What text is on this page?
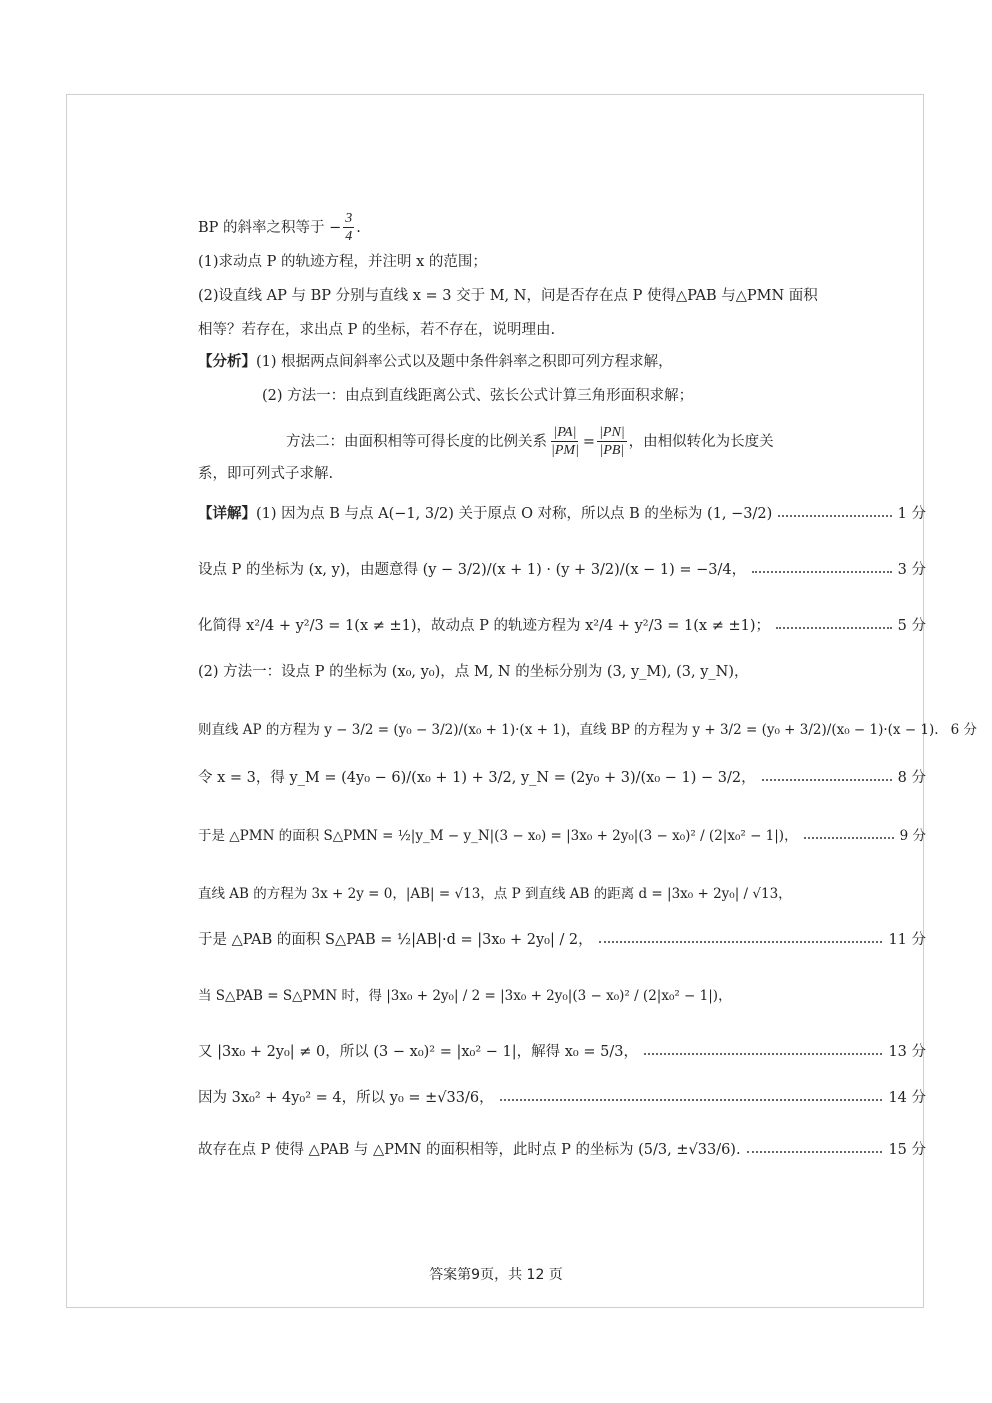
BP 的斜率之积等于 − $\frac{3}{4}$ .
(1)求动点 P 的轨迹方程，并注明 x 的范围；
(2)设直线 AP 与 BP 分别与直线 x = 3 交于 M, N，问是否存在点 P 使得△PAB 与△PMN 面积
相等？若存在，求出点 P 的坐标，若不存在，说明理由.
【分析】 (1) 根据两点间斜率公式以及题中条件斜率之积即可列方程求解，
(2) 方法一：由点到直线距离公式、弦长公式计算三角形面积求解；
方法二：由面积相等可得长度的比例关系 $\frac{|PA|}{|PM|} = \frac{|PN|}{|PB|}$ ，由相似转化为长度关
系，即可列式子求解.
【详解】 (1) 因为点 B 与点 A(−1, 3/2) 关于原点 O 对称，所以点 B 的坐标为 (1, −3/2)	1 分
设点 P 的坐标为 (x, y)，由题意得 (y − 3/2)/(x + 1) · (y + 3/2)/(x − 1) = −3/4，	3 分
化简得 x²/4 + y²/3 = 1(x ≠ ±1)，故动点 P 的轨迹方程为 x²/4 + y²/3 = 1(x ≠ ±1)；	5 分
(2) 方法一：设点 P 的坐标为 (x₀, y₀)，点 M, N 的坐标分别为 (3, y_M), (3, y_N)，
则直线 AP 的方程为 y − 3/2 = (y₀ − 3/2)/(x₀ + 1)·(x + 1)，直线 BP 的方程为 y + 3/2 = (y₀ + 3/2)/(x₀ − 1)·(x − 1). 6 分
令 x = 3，得 y_M = (4y₀ − 6)/(x₀ + 1) + 3/2, y_N = (2y₀ + 3)/(x₀ − 1) − 3/2，	8 分
于是 △PMN 的面积 S△PMN = ½|y_M − y_N|(3 − x₀) = |3x₀ + 2y₀|(3 − x₀)² / (2|x₀² − 1|)，	9 分
直线 AB 的方程为 3x + 2y = 0，|AB| = √13，点 P 到直线 AB 的距离 d = |3x₀ + 2y₀| / √13，
于是 △PAB 的面积 S△PAB = ½|AB|·d = |3x₀ + 2y₀| / 2，	11 分
当 S△PAB = S△PMN 时，得 |3x₀ + 2y₀| / 2 = |3x₀ + 2y₀|(3 − x₀)² / (2|x₀² − 1|)，
又 |3x₀ + 2y₀| ≠ 0，所以 (3 − x₀)² = |x₀² − 1|，解得 x₀ = 5/3，	13 分
因为 3x₀² + 4y₀² = 4，所以 y₀ = ±√33/6，	14 分
故存在点 P 使得 △PAB 与 △PMN 的面积相等，此时点 P 的坐标为 (5/3, ±√33/6).	15 分
答案第9页，共 12 页
